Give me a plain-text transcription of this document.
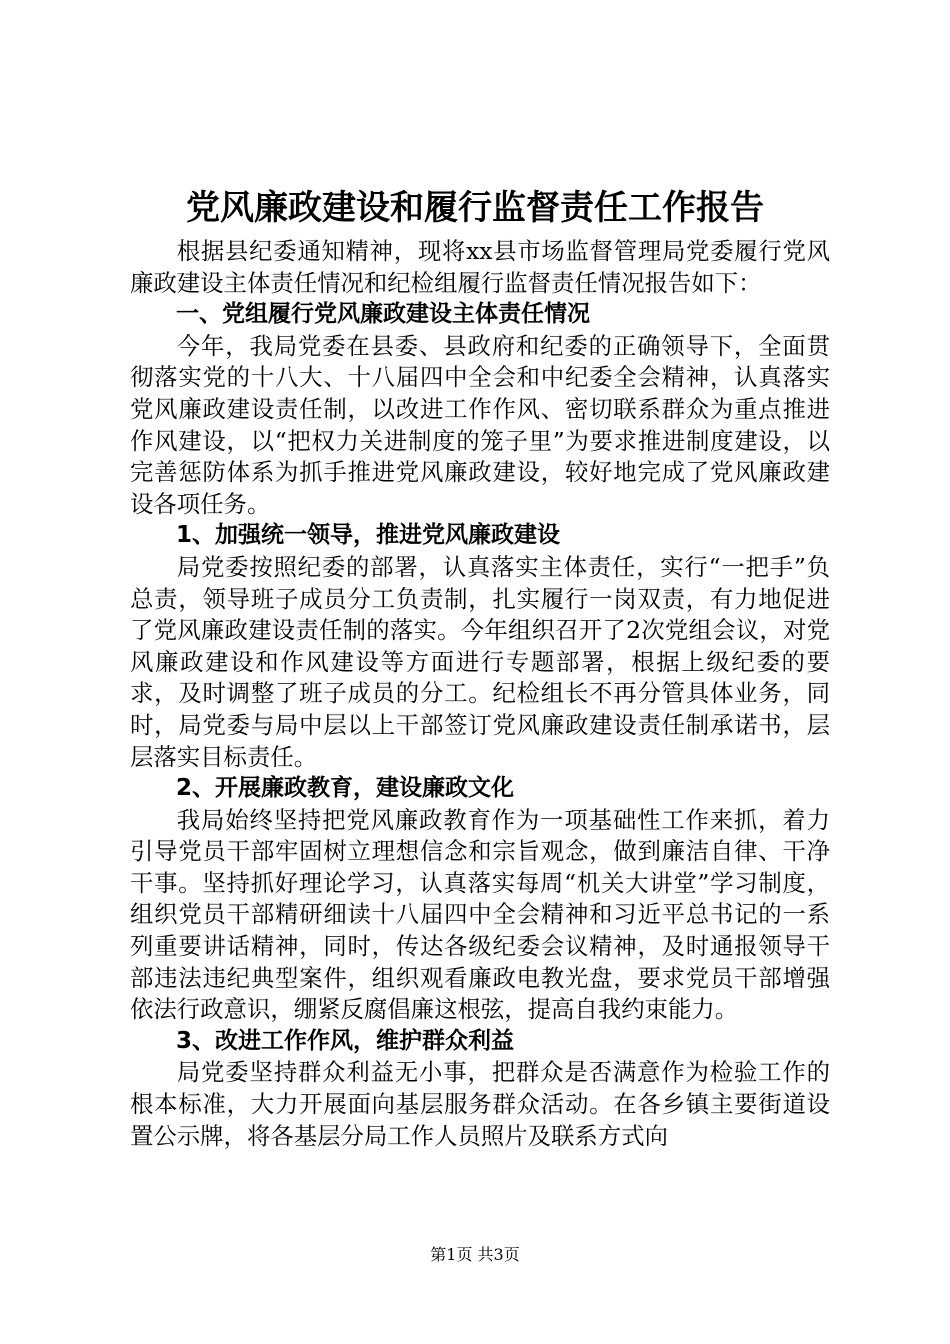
党风廉政建设和履行监督责任工作报告

根据县纪委通知精神，现将xx县市场监督管理局党委履行党风廉政建设主体责任情况和纪检组履行监督责任情况报告如下：

一、党组履行党风廉政建设主体责任情况

今年，我局党委在县委、县政府和纪委的正确领导下，全面贯彻落实党的十八大、十八届四中全会和中纪委全会精神，认真落实党风廉政建设责任制，以改进工作作风、密切联系群众为重点推进作风建设，以“把权力关进制度的笼子里”为要求推进制度建设，以完善惩防体系为抓手推进党风廉政建设，较好地完成了党风廉政建设各项任务。

1、加强统一领导，推进党风廉政建设

局党委按照纪委的部署，认真落实主体责任，实行“一把手”负总责，领导班子成员分工负责制，扎实履行一岗双责，有力地促进了党风廉政建设责任制的落实。今年组织召开了2次党组会议，对党风廉政建设和作风建设等方面进行专题部署，根据上级纪委的要求，及时调整了班子成员的分工。纪检组长不再分管具体业务，同时，局党委与局中层以上干部签订党风廉政建设责任制承诺书，层层落实目标责任。

2、开展廉政教育，建设廉政文化

我局始终坚持把党风廉政教育作为一项基础性工作来抓，着力引导党员干部牢固树立理想信念和宗旨观念，做到廉洁自律、干净干事。坚持抓好理论学习，认真落实每周“机关大讲堂”学习制度，组织党员干部精研细读十八届四中全会精神和习近平总书记的一系列重要讲话精神，同时，传达各级纪委会议精神，及时通报领导干部违法违纪典型案件，组织观看廉政电教光盘，要求党员干部增强依法行政意识，绷紧反腐倡廉这根弦，提高自我约束能力。

3、改进工作作风，维护群众利益

局党委坚持群众利益无小事，把群众是否满意作为检验工作的根本标准，大力开展面向基层服务群众活动。在各乡镇主要街道设置公示牌，将各基层分局工作人员照片及联系方式向

第1页 共3页
